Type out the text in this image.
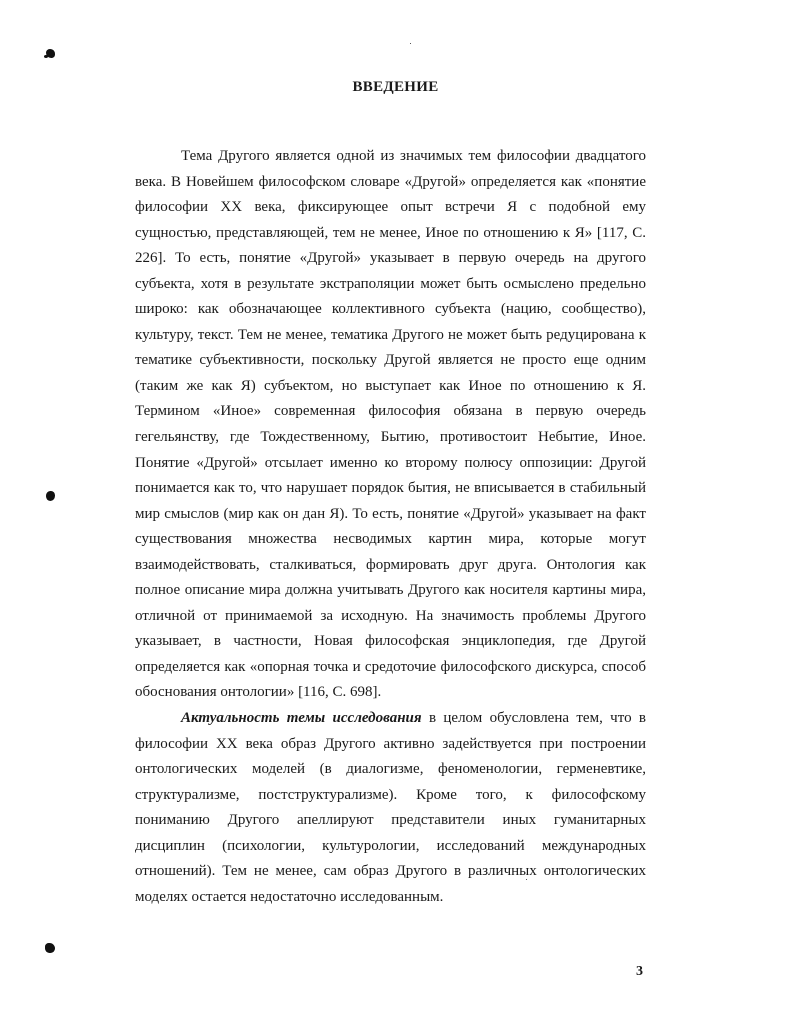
ВВЕДЕНИЕ

Тема Другого является одной из значимых тем философии двадцатого века. В Новейшем философском словаре «Другой» определяется как «понятие философии XX века, фиксирующее опыт встречи Я с подобной ему сущностью, представляющей, тем не менее, Иное по отношению к Я» [117, С. 226]. То есть, понятие «Другой» указывает в первую очередь на другого субъекта, хотя в результате экстраполяции может быть осмыслено предельно широко: как обозначающее коллективного субъекта (нацию, сообщество), культуру, текст. Тем не менее, тематика Другого не может быть редуцирована к тематике субъективности, поскольку Другой является не просто еще одним (таким же как Я) субъектом, но выступает как Иное по отношению к Я. Термином «Иное» современная философия обязана в первую очередь гегельянству, где Тождественному, Бытию, противостоит Небытие, Иное. Понятие «Другой» отсылает именно ко второму полюсу оппозиции: Другой понимается как то, что нарушает порядок бытия, не вписывается в стабильный мир смыслов (мир как он дан Я). То есть, понятие «Другой» указывает на факт существования множества несводимых картин мира, которые могут взаимодействовать, сталкиваться, формировать друг друга. Онтология как полное описание мира должна учитывать Другого как носителя картины мира, отличной от принимаемой за исходную. На значимость проблемы Другого указывает, в частности, Новая философская энциклопедия, где Другой определяется как «опорная точка и средоточие философского дискурса, способ обоснования онтологии» [116, С. 698].

Актуальность темы исследования в целом обусловлена тем, что в философии XX века образ Другого активно задействуется при построении онтологических моделей (в диалогизме, феноменологии, герменевтике, структурализме, постструктурализме). Кроме того, к философскому пониманию Другого апеллируют представители иных гуманитарных дисциплин (психологии, культурологии, исследований международных отношений). Тем не менее, сам образ Другого в различных онтологических моделях остается недостаточно исследованным.

3
